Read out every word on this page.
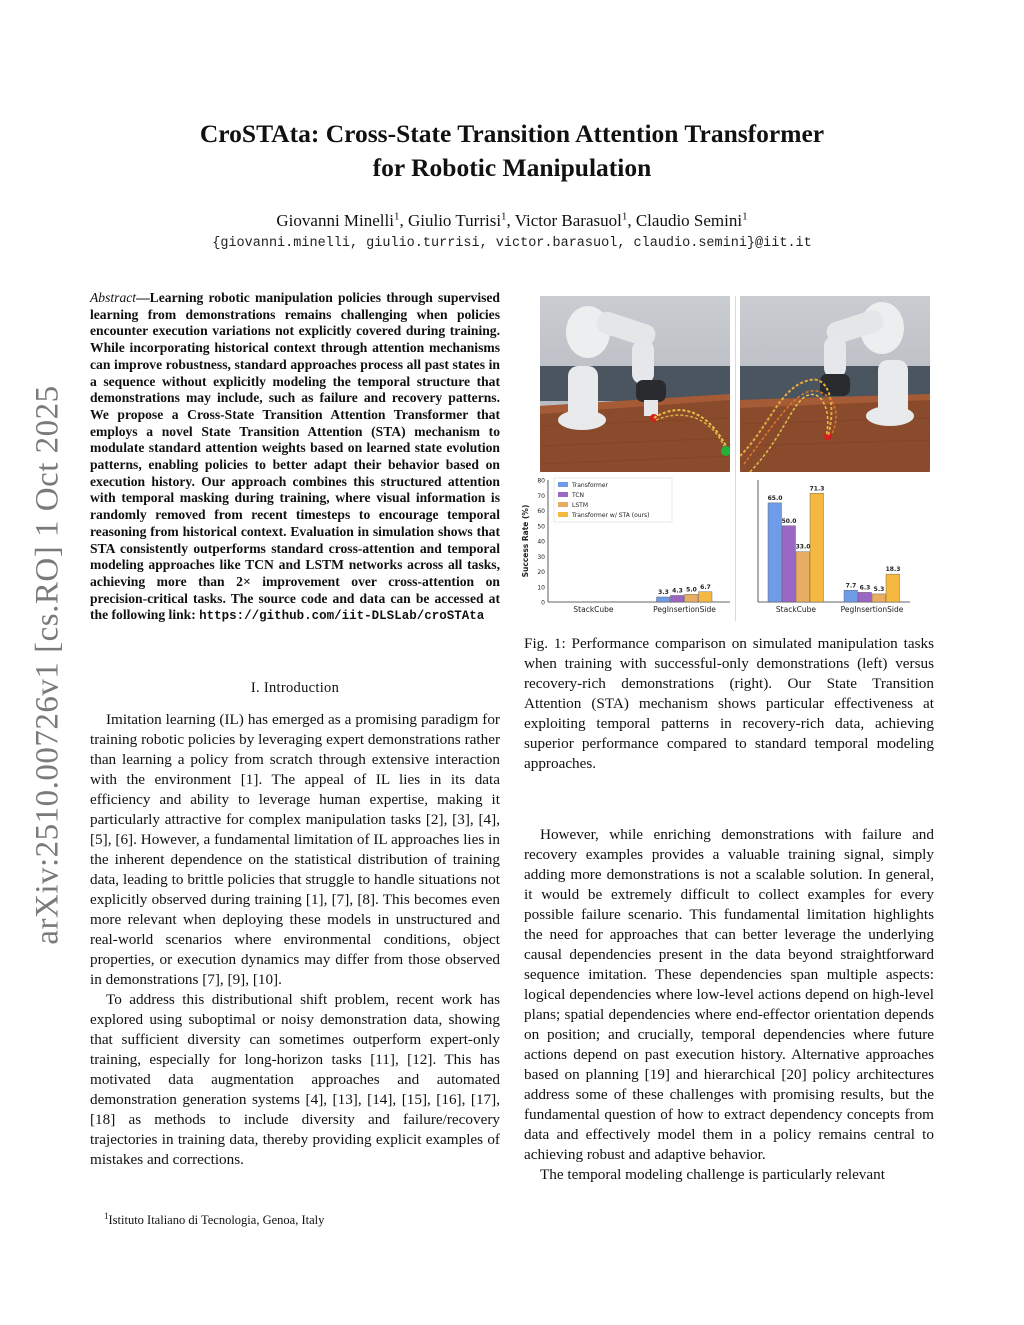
arXiv:2510.00726v1 [cs.RO] 1 Oct 2025
CroSTAta: Cross-State Transition Attention Transformer
for Robotic Manipulation
Giovanni Minelli$^1$, Giulio Turrisi$^1$, Victor Barasuol$^1$, Claudio Semini$^1$
{giovanni.minelli, giulio.turrisi, victor.barasuol, claudio.semini}@iit.it
Abstract—Learning robotic manipulation policies through supervised learning from demonstrations remains challenging when policies encounter execution variations not explicitly covered during training. While incorporating historical context through attention mechanisms can improve robustness, standard approaches process all past states in a sequence without explicitly modeling the temporal structure that demonstrations may include, such as failure and recovery patterns. We propose a Cross-State Transition Attention Transformer that employs a novel State Transition Attention (STA) mechanism to modulate standard attention weights based on learned state evolution patterns, enabling policies to better adapt their behavior based on execution history. Our approach combines this structured attention with temporal masking during training, where visual information is randomly removed from recent timesteps to encourage temporal reasoning from historical context. Evaluation in simulation shows that STA consistently outperforms standard cross-attention and temporal modeling approaches like TCN and LSTM networks across all tasks, achieving more than 2× improvement over cross-attention on precision-critical tasks. The source code and data can be accessed at the following link: https://github.com/iit-DLSLab/croSTAta
I. Introduction

Imitation learning (IL) has emerged as a promising paradigm for training robotic policies by leveraging expert demonstrations rather than learning a policy from scratch through extensive interaction with the environment [1]. The appeal of IL lies in its data efficiency and ability to leverage human expertise, making it particularly attractive for complex manipulation tasks [2], [3], [4], [5], [6]. However, a fundamental limitation of IL approaches lies in the inherent dependence on the statistical distribution of training data, leading to brittle policies that struggle to handle situations not explicitly observed during training [1], [7], [8]. This becomes even more relevant when deploying these models in unstructured and real-world scenarios where environmental conditions, object properties, or execution dynamics may differ from those observed in demonstrations [7], [9], [10].

To address this distributional shift problem, recent work has explored using suboptimal or noisy demonstration data, showing that sufficient diversity can sometimes outperform expert-only training, especially for long-horizon tasks [11], [12]. This has motivated data augmentation approaches and automated demonstration generation systems [4], [13], [14], [15], [16], [17], [18] as methods to include diversity and failure/recovery trajectories in training data, thereby providing explicit examples of mistakes and corrections.

$^1$Istituto Italiano di Tecnologia, Genoa, Italy
Success Rate (%)
0
10
20
30
40
50
60
70
80
StackCube
3.3 4.3 5.0 6.7
PegInsertionSide
65.0
50.0
33.0
71.3
StackCube
7.7 6.3 5.3
18.3
PegInsertionSide
Transformer
TCN
LSTM
Transformer w/ STA (ours)
Fig. 1: Performance comparison on simulated manipulation tasks when training with successful-only demonstrations (left) versus recovery-rich demonstrations (right). Our State Transition Attention (STA) mechanism shows particular effectiveness at exploiting temporal patterns in recovery-rich data, achieving superior performance compared to standard temporal modeling approaches.

However, while enriching demonstrations with failure and recovery examples provides a valuable training signal, simply adding more demonstrations is not a scalable solution. In general, it would be extremely difficult to collect examples for every possible failure scenario. This fundamental limitation highlights the need for approaches that can better leverage the underlying causal dependencies present in the data beyond straightforward sequence imitation. These dependencies span multiple aspects: logical dependencies where low-level actions depend on high-level plans; spatial dependencies where end-effector orientation depends on position; and crucially, temporal dependencies where future actions depend on past execution history. Alternative approaches based on planning [19] and hierarchical [20] policy architectures address some of these challenges with promising results, but the fundamental question of how to extract dependency concepts from data and effectively model them in a policy remains central to achieving robust and adaptive behavior.

The temporal modeling challenge is particularly relevant
